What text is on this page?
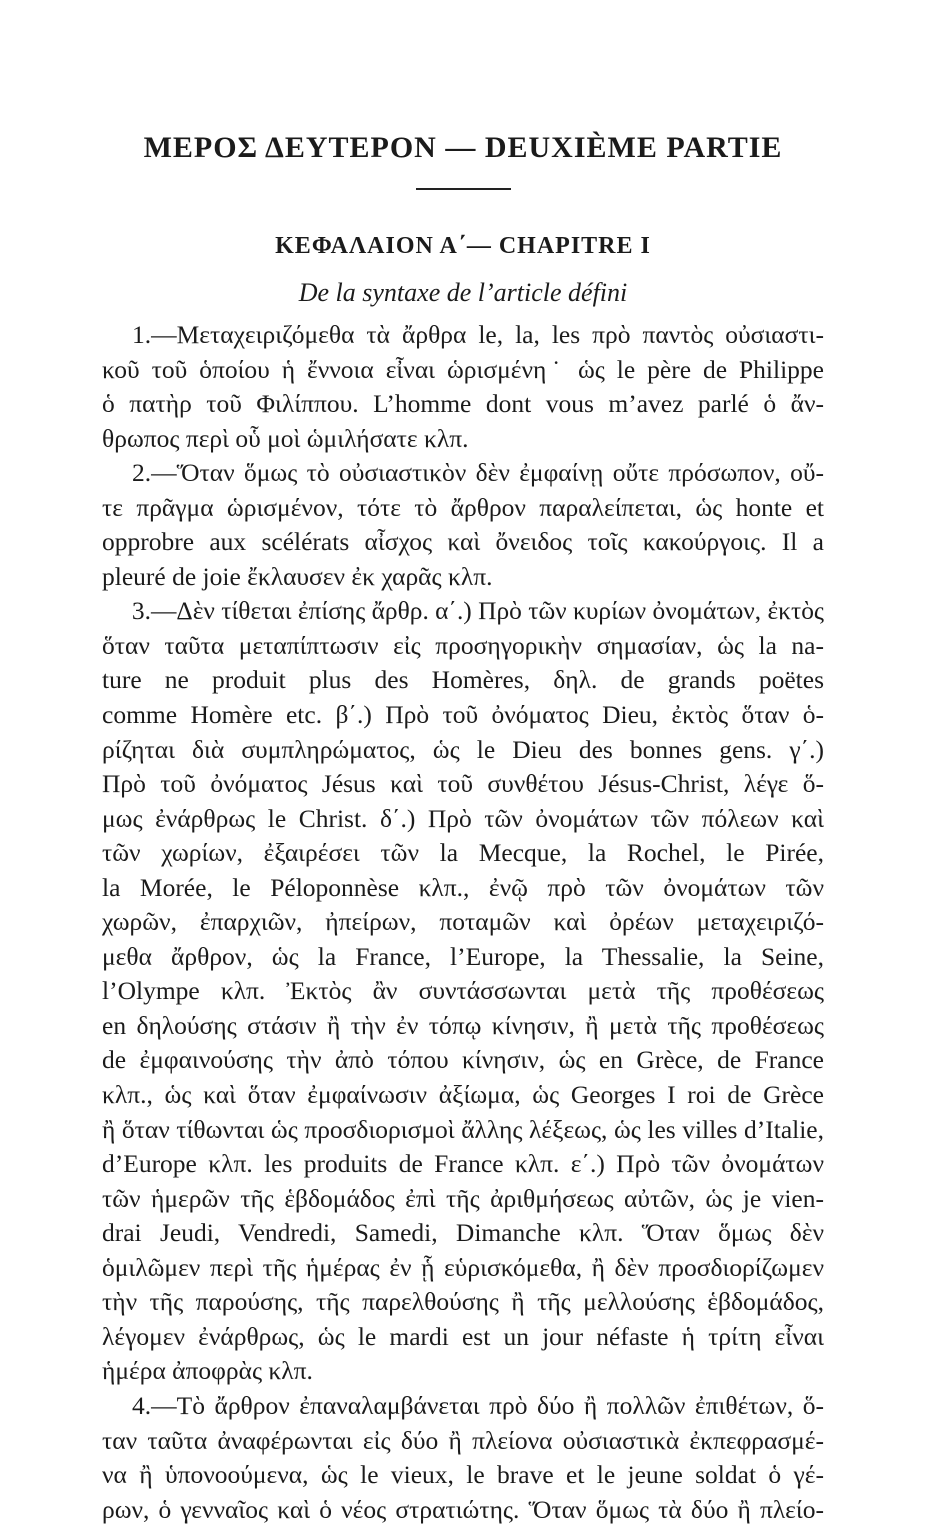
ΜΕΡΟΣ ΔΕΥΤΕΡΟΝ — DEUXIÈME PARTIE
ΚΕΦΑΛΑΙΟΝ Α΄— CHAPITRE I
De la syntaxe de l’article défini

1.—Μεταχειριζόμεθα τὰ ἄρθρα le, la, les πρὸ παντὸς οὐσιαστι-
κοῦ τοῦ ὁποίου ἡ ἔννοια εἶναι ὡρισμένη˙ ὡς le père de Philippe
ὁ πατὴρ τοῦ Φιλίππου. L’homme dont vous m’avez parlé ὁ ἄν-
θρωπος περὶ οὗ μοὶ ὡμιλήσατε κλπ.

2.—Ὅταν ὅμως τὸ οὐσιαστικὸν δὲν ἐμφαίνῃ οὔτε πρόσωπον, οὔ-
τε πρᾶγμα ὡρισμένον, τότε τὸ ἄρθρον παραλείπεται, ὡς honte et
opprobre aux scélérats αἶσχος καὶ ὄνειδος τοῖς κακούργοις. Il a
pleuré de joie ἔκλαυσεν ἐκ χαρᾶς κλπ.

3.—Δὲν τίθεται ἐπίσης ἄρθρ. α΄.) Πρὸ τῶν κυρίων ὀνομάτων, ἐκτὸς
ὅταν ταῦτα μεταπίπτωσιν εἰς προσηγορικὴν σημασίαν, ὡς la na-
ture ne produit plus des Homères, δηλ. de grands poëtes
comme Homère etc. β΄.) Πρὸ τοῦ ὀνόματος Dieu, ἐκτὸς ὅταν ὁ-
ρίζηται διὰ συμπληρώματος, ὡς le Dieu des bonnes gens. γ΄.)
Πρὸ τοῦ ὀνόματος Jésus καὶ τοῦ συνθέτου Jésus-Christ, λέγε ὅ-
μως ἐνάρθρως le Christ. δ΄.) Πρὸ τῶν ὀνομάτων τῶν πόλεων καὶ
τῶν χωρίων, ἐξαιρέσει τῶν la Mecque, la Rochel, le Pirée,
la Morée, le Péloponnèse κλπ., ἐνῷ πρὸ τῶν ὀνομάτων τῶν
χωρῶν, ἐπαρχιῶν, ἠπείρων, ποταμῶν καὶ ὀρέων μεταχειριζό-
μεθα ἄρθρον, ὡς la France, l’Europe, la Thessalie, la Seine,
l’Olympe κλπ. Ἐκτὸς ἂν συντάσσωνται μετὰ τῆς προθέσεως
en δηλούσης στάσιν ἢ τὴν ἐν τόπῳ κίνησιν, ἢ μετὰ τῆς προθέσεως
de ἐμφαινούσης τὴν ἀπὸ τόπου κίνησιν, ὡς en Grèce, de France
κλπ., ὡς καὶ ὅταν ἐμφαίνωσιν ἀξίωμα, ὡς Georges I roi de Grèce
ἢ ὅταν τίθωνται ὡς προσδιορισμοὶ ἄλλης λέξεως, ὡς les villes d’Italie,
d’Europe κλπ. les produits de France κλπ. ε΄.) Πρὸ τῶν ὀνομάτων
τῶν ἡμερῶν τῆς ἑβδομάδος ἐπὶ τῆς ἀριθμήσεως αὐτῶν, ὡς je vien-
drai Jeudi, Vendredi, Samedi, Dimanche κλπ. Ὅταν ὅμως δὲν
ὁμιλῶμεν περὶ τῆς ἡμέρας ἐν ᾗ εὑρισκόμεθα, ἢ δὲν προσδιορίζωμεν
τὴν τῆς παρούσης, τῆς παρελθούσης ἢ τῆς μελλούσης ἑβδομάδος,
λέγομεν ἐνάρθρως, ὡς le mardi est un jour néfaste ἡ τρίτη εἶναι
ἡμέρα ἀποφρὰς κλπ.

4.—Τὸ ἄρθρον ἐπαναλαμβάνεται πρὸ δύο ἢ πολλῶν ἐπιθέτων, ὅ-
ταν ταῦτα ἀναφέρωνται εἰς δύο ἢ πλείονα οὐσιαστικὰ ἐκπεφρασμέ-
να ἢ ὑπονοούμενα, ὡς le vieux, le brave et le jeune soldat ὁ γέ-
ρων, ὁ γενναῖος καὶ ὁ νέος στρατιώτης. Ὅταν ὅμως τὰ δύο ἢ πλείο-
